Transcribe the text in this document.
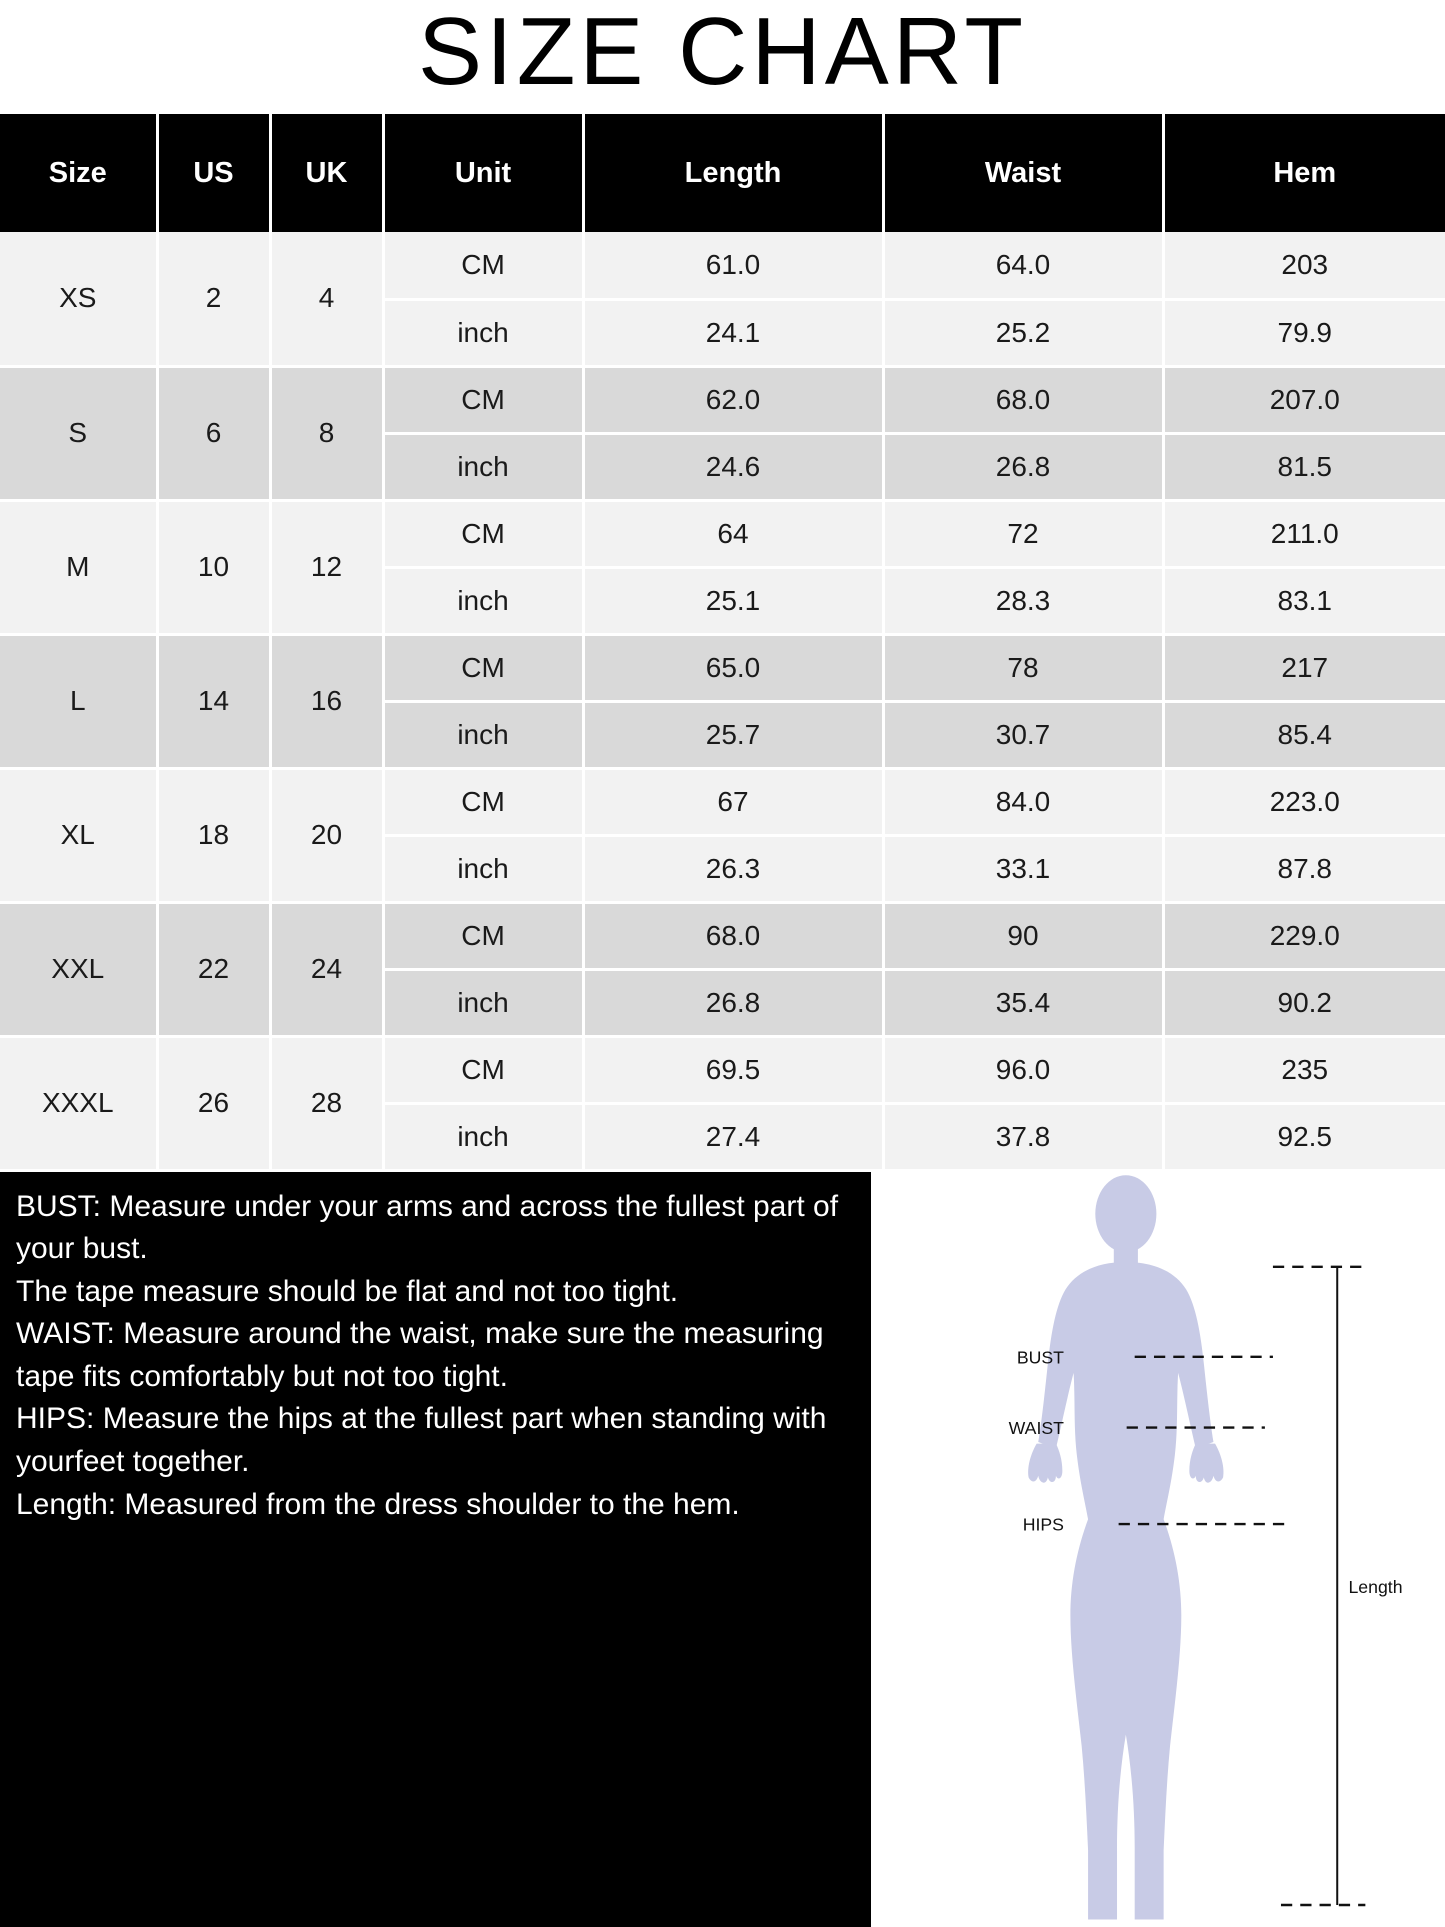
SIZE CHART
Size	US	UK	Unit	Length	Waist	Hem
XS	2	4	CM	61.0	64.0	203
			inch	24.1	25.2	79.9
S	6	8	CM	62.0	68.0	207.0
			inch	24.6	26.8	81.5
M	10	12	CM	64	72	211.0
			inch	25.1	28.3	83.1
L	14	16	CM	65.0	78	217
			inch	25.7	30.7	85.4
XL	18	20	CM	67	84.0	223.0
			inch	26.3	33.1	87.8
XXL	22	24	CM	68.0	90	229.0
			inch	26.8	35.4	90.2
XXXL	26	28	CM	69.5	96.0	235
			inch	27.4	37.8	92.5

BUST: Measure under your arms and across the fullest part of your bust.

The tape measure should be flat and not too tight.

WAIST: Measure around the waist, make sure the measuring tape fits comfortably but not too tight.

HIPS: Measure the hips at the fullest part when standing with yourfeet together.

Length: Measured from the dress shoulder to the hem.

Length
BUST
WAIST
HIPS
